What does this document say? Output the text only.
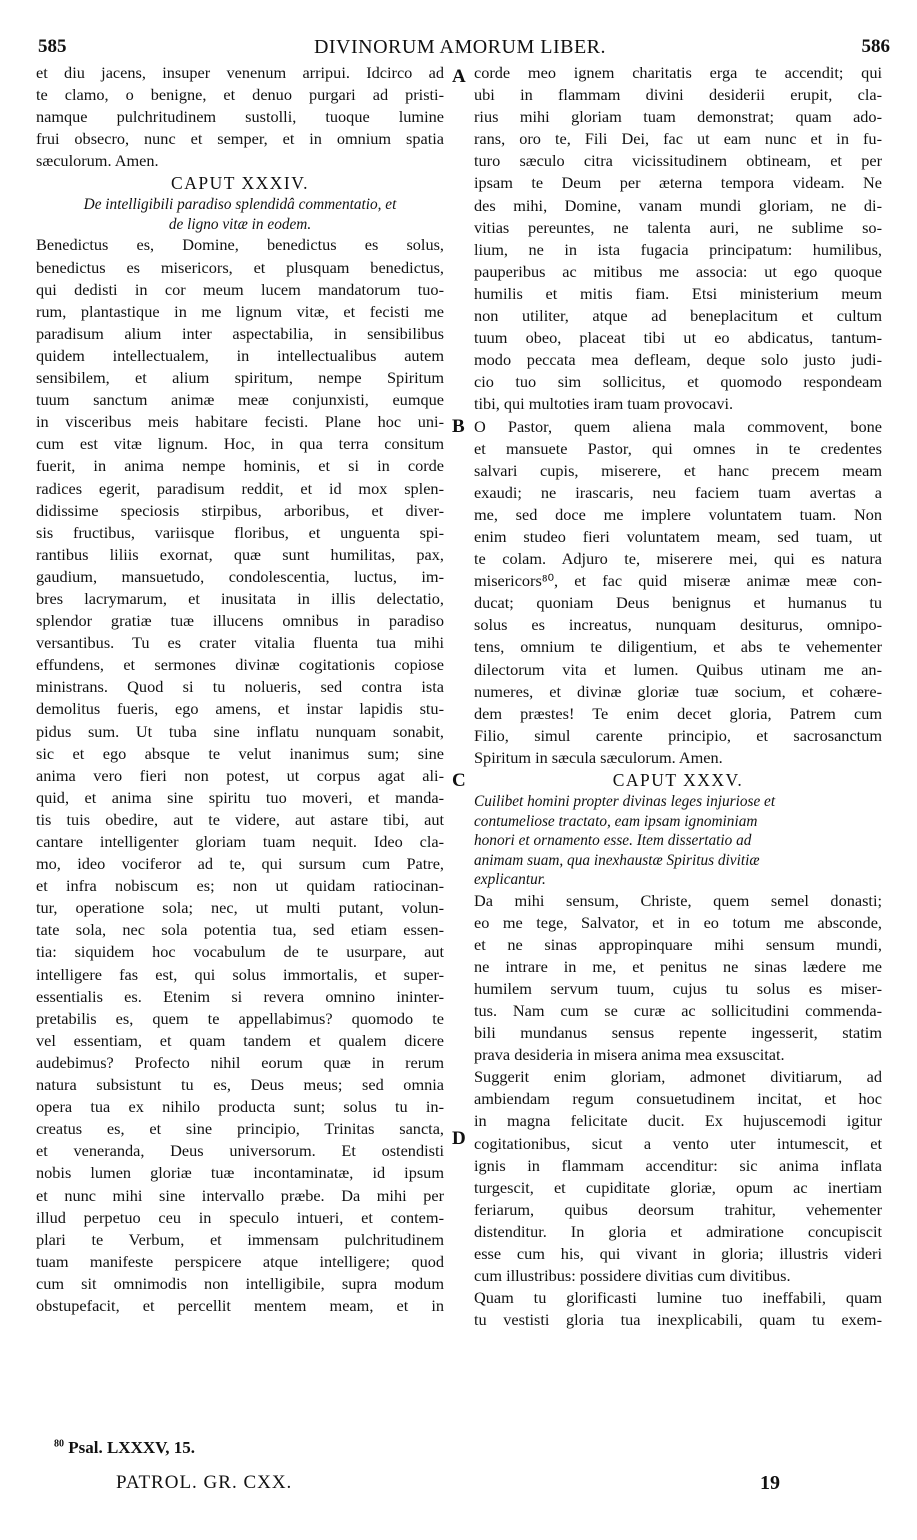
585	DIVINORUM AMORUM LIBER.	586
et diu jacens, insuper venenum arripui. Idcirco ad
te clamo, o benigne, et denuo purgari ad pristi-
namque pulchritudinem sustolli, tuoque lumine
frui obsecro, nunc et semper, et in omnium spatia
sæculorum. Amen.
CAPUT XXXIV.
De intelligibili paradiso splendidâ commentatio, et
de ligno vitæ in eodem.
Benedictus es, Domine, benedictus es solus,
benedictus es misericors, et plusquam benedictus,
qui dedisti in cor meum lucem mandatorum tuo-
rum, plantastique in me lignum vitæ, et fecisti me
paradisum alium inter aspectabilia, in sensibilibus
quidem intellectualem, in intellectualibus autem
sensibilem, et alium spiritum, nempe Spiritum
tuum sanctum animæ meæ conjunxisti, eumque
in visceribus meis habitare fecisti. Plane hoc uni-
cum est vitæ lignum. Hoc, in qua terra consitum
fuerit, in anima nempe hominis, et si in corde
radices egerit, paradisum reddit, et id mox splen-
didissime speciosis stirpibus, arboribus, et diver-
sis fructibus, variisque floribus, et unguenta spi-
rantibus liliis exornat, quæ sunt humilitas, pax,
gaudium, mansuetudo, condolescentia, luctus, im-
bres lacrymarum, et inusitata in illis delectatio,
splendor gratiæ tuæ illucens omnibus in paradiso
versantibus. Tu es crater vitalia fluenta tua mihi
effundens, et sermones divinæ cogitationis copiose
ministrans. Quod si tu nolueris, sed contra ista
demolitus fueris, ego amens, et instar lapidis stu-
pidus sum. Ut tuba sine inflatu nunquam sonabit,
sic et ego absque te velut inanimus sum; sine
anima vero fieri non potest, ut corpus agat ali-
quid, et anima sine spiritu tuo moveri, et manda-
tis tuis obedire, aut te videre, aut astare tibi, aut
cantare intelligenter gloriam tuam nequit. Ideo cla-
mo, ideo vociferor ad te, qui sursum cum Patre,
et infra nobiscum es; non ut quidam ratiocinan-
tur, operatione sola; nec, ut multi putant, volun-
tate sola, nec sola potentia tua, sed etiam essen-
tia: siquidem hoc vocabulum de te usurpare, aut
intelligere fas est, qui solus immortalis, et super-
essentialis es. Etenim si revera omnino ininter-
pretabilis es, quem te appellabimus? quomodo te
vel essentiam, et quam tandem et qualem dicere
audebimus? Profecto nihil eorum quæ in rerum
natura subsistunt tu es, Deus meus; sed omnia
opera tua ex nihilo producta sunt; solus tu in-
creatus es, et sine principio, Trinitas sancta,
et veneranda, Deus universorum. Et ostendisti
nobis lumen gloriæ tuæ incontaminatæ, id ipsum
et nunc mihi sine intervallo præbe. Da mihi per
illud perpetuo ceu in speculo intueri, et contem-
plari te Verbum, et immensam pulchritudinem
tuam manifeste perspicere atque intelligere; quod
cum sit omnimodis non intelligibile, supra modum
obstupefacit, et percellit mentem meam, et in
corde meo ignem charitatis erga te accendit; qui
ubi in flammam divini desiderii erupit, cla-
rius mihi gloriam tuam demonstrat; quam ado-
rans, oro te, Fili Dei, fac ut eam nunc et in fu-
turo sæculo citra vicissitudinem obtineam, et per
ipsam te Deum per æterna tempora videam. Ne
des mihi, Domine, vanam mundi gloriam, ne di-
vitias pereuntes, ne talenta auri, ne sublime so-
lium, ne in ista fugacia principatum: humilibus,
pauperibus ac mitibus me associa: ut ego quoque
humilis et mitis fiam. Etsi ministerium meum
non utiliter, atque ad beneplacitum et cultum
tuum obeo, placeat tibi ut eo abdicatus, tantum-
modo peccata mea defleam, deque solo justo judi-
cio tuo sim sollicitus, et quomodo respondeam
tibi, qui multoties iram tuam provocavi.
O Pastor, quem aliena mala commovent, bone
et mansuete Pastor, qui omnes in te credentes
salvari cupis, miserere, et hanc precem meam
exaudi; ne irascaris, neu faciem tuam avertas a
me, sed doce me implere voluntatem tuam. Non
enim studeo fieri voluntatem meam, sed tuam, ut
te colam. Adjuro te, miserere mei, qui es natura
misericors⁸⁰, et fac quid miseræ animæ meæ con-
ducat; quoniam Deus benignus et humanus tu
solus es increatus, nunquam desiturus, omnipo-
tens, omnium te diligentium, et abs te vehementer
dilectorum vita et lumen. Quibus utinam me an-
numeres, et divinæ gloriæ tuæ socium, et cohære-
dem præstes! Te enim decet gloria, Patrem cum
Filio, simul carente principio, et sacrosanctum
Spiritum in sæcula sæculorum. Amen.
CAPUT XXXV.
Cuilibet homini propter divinas leges injuriose et
contumeliose tractato, eam ipsam ignominiam
honori et ornamento esse. Item dissertatio ad
animam suam, qua inexhaustæ Spiritus divitiæ
explicantur.
Da mihi sensum, Christe, quem semel donasti;
eo me tege, Salvator, et in eo totum me absconde,
et ne sinas appropinquare mihi sensum mundi,
ne intrare in me, et penitus ne sinas lædere me
humilem servum tuum, cujus tu solus es miser-
tus. Nam cum se curæ ac sollicitudini commenda-
bili mundanus sensus repente ingesserit, statim
prava desideria in misera anima mea exsuscitat.
Suggerit enim gloriam, admonet divitiarum, ad
ambiendam regum consuetudinem incitat, et hoc
in magna felicitate ducit. Ex hujuscemodi igitur
cogitationibus, sicut a vento uter intumescit, et
ignis in flammam accenditur: sic anima inflata
turgescit, et cupiditate gloriæ, opum ac inertiam
feriarum, quibus deorsum trahitur, vehementer
distenditur. In gloria et admiratione concupiscit
esse cum his, qui vivant in gloria; illustris videri
cum illustribus: possidere divitias cum divitibus.
Quam tu glorificasti lumine tuo ineffabili, quam
tu vestisti gloria tua inexplicabili, quam tu exem-
A
B
C
D
$^{80}$ Psal. LXXXV, 15.
PATROL. GR. CXX.	19
